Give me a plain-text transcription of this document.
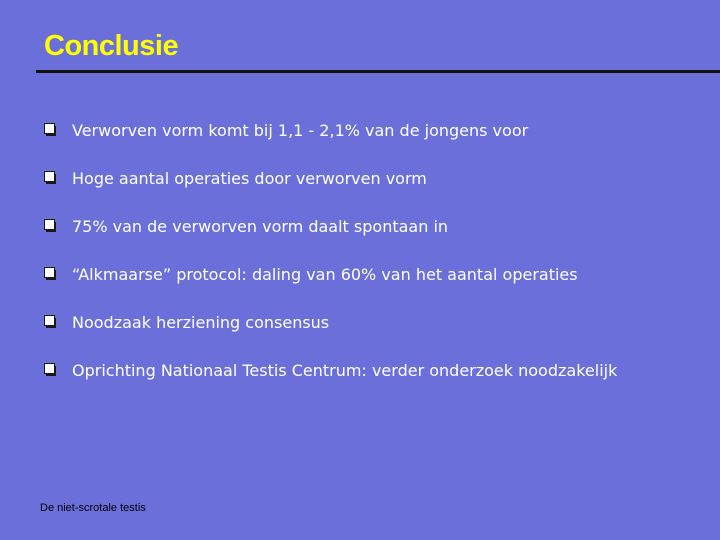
Conclusie
Verworven vorm komt bij 1,1 - 2,1% van de jongens voor
Hoge aantal operaties door verworven vorm
75% van de verworven vorm daalt spontaan in
“Alkmaarse” protocol: daling van 60% van het aantal operaties
Noodzaak herziening consensus
Oprichting Nationaal Testis Centrum: verder onderzoek noodzakelijk
De niet-scrotale testis
